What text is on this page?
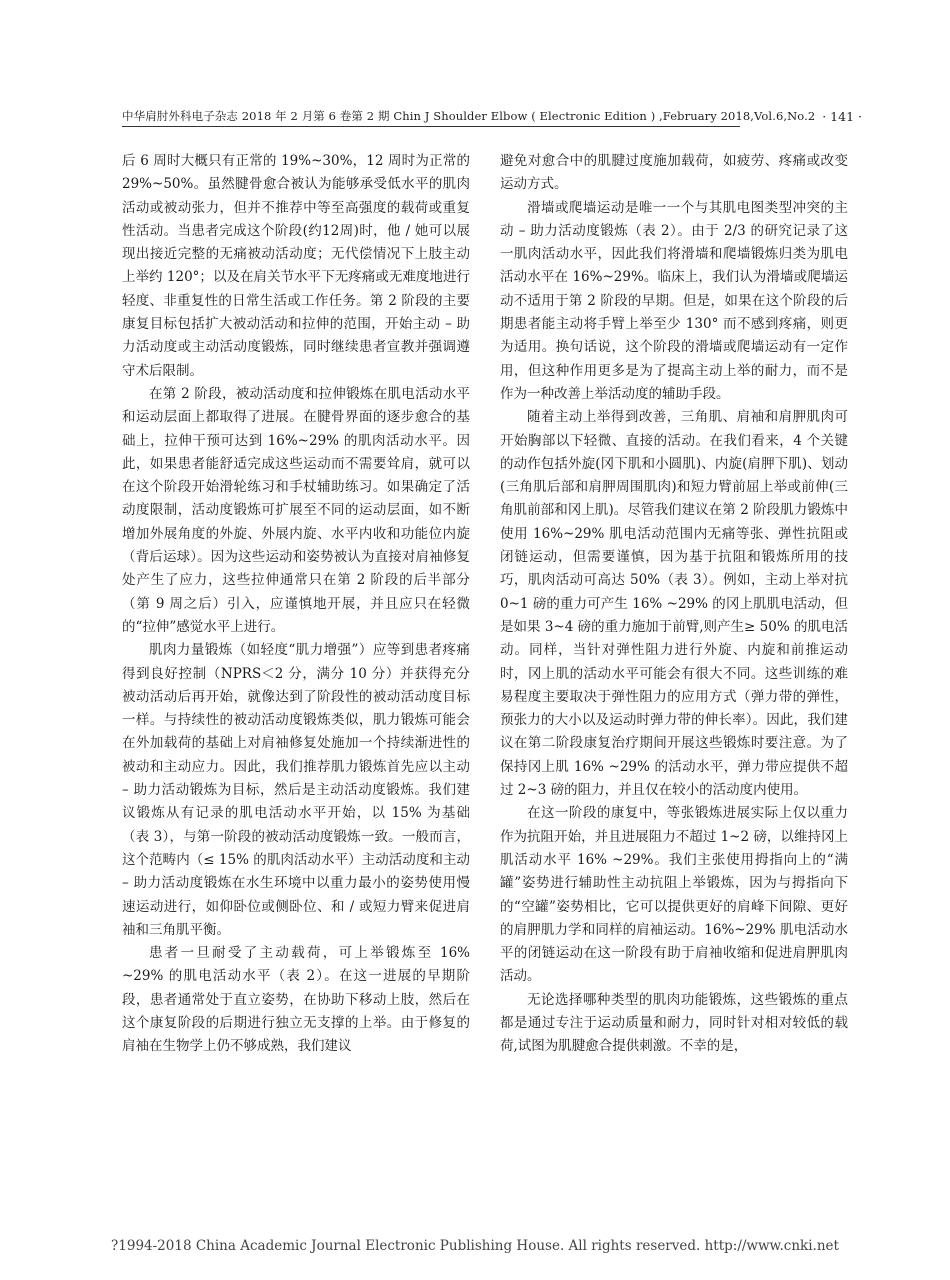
中华肩肘外科电子杂志 2018 年 2 月第 6 卷第 2 期 Chin J Shoulder Elbow ( Electronic Edition ) ,February 2018,Vol.6,No.2 · 141 ·

后 6 周时大概只有正常的 19%~30%，12 周时为正常的 29%~50%。虽然腱骨愈合被认为能够承受低水平的肌肉活动或被动张力，但并不推荐中等至高强度的载荷或重复性活动。当患者完成这个阶段(约12周)时，他 / 她可以展现出接近完整的无痛被动活动度；无代偿情况下上肢主动上举约 120°；以及在肩关节水平下无疼痛或无难度地进行轻度、非重复性的日常生活或工作任务。第 2 阶段的主要康复目标包括扩大被动活动和拉伸的范围，开始主动 – 助力活动度或主动活动度锻炼，同时继续患者宣教并强调遵守术后限制。

在第 2 阶段，被动活动度和拉伸锻炼在肌电活动水平和运动层面上都取得了进展。在腱骨界面的逐步愈合的基础上，拉伸干预可达到 16%~29% 的肌肉活动水平。因此，如果患者能舒适完成这些运动而不需要耸肩，就可以在这个阶段开始滑轮练习和手杖辅助练习。如果确定了活动度限制，活动度锻炼可扩展至不同的运动层面，如不断增加外展角度的外旋、外展内旋、水平内收和功能位内旋（背后运球）。因为这些运动和姿势被认为直接对肩袖修复处产生了应力，这些拉伸通常只在第 2 阶段的后半部分（第 9 周之后）引入，应谨慎地开展，并且应只在轻微的“拉伸”感觉水平上进行。

肌肉力量锻炼（如轻度“肌力增强”）应等到患者疼痛得到良好控制（NPRS＜2 分，满分 10 分）并获得充分被动活动后再开始，就像达到了阶段性的被动活动度目标一样。与持续性的被动活动度锻炼类似，肌力锻炼可能会在外加载荷的基础上对肩袖修复处施加一个持续渐进性的被动和主动应力。因此，我们推荐肌力锻炼首先应以主动 – 助力活动锻炼为目标，然后是主动活动度锻炼。我们建议锻炼从有记录的肌电活动水平开始，以 15% 为基础（表 3），与第一阶段的被动活动度锻炼一致。一般而言，这个范畴内（≤ 15% 的肌肉活动水平）主动活动度和主动 – 助力活动度锻炼在水生环境中以重力最小的姿势使用慢速运动进行，如仰卧位或侧卧位、和 / 或短力臂来促进肩袖和三角肌平衡。

患者一旦耐受了主动载荷，可上举锻炼至 16% ~29% 的肌电活动水平（表 2）。在这一进展的早期阶段，患者通常处于直立姿势，在协助下移动上肢，然后在这个康复阶段的后期进行独立无支撑的上举。由于修复的肩袖在生物学上仍不够成熟，我们建议

避免对愈合中的肌腱过度施加载荷，如疲劳、疼痛或改变运动方式。

滑墙或爬墙运动是唯一一个与其肌电图类型冲突的主动 – 助力活动度锻炼（表 2）。由于 2/3 的研究记录了这一肌肉活动水平，因此我们将滑墙和爬墙锻炼归类为肌电活动水平在 16%~29%。临床上，我们认为滑墙或爬墙运动不适用于第 2 阶段的早期。但是，如果在这个阶段的后期患者能主动将手臂上举至少 130° 而不感到疼痛，则更为适用。换句话说，这个阶段的滑墙或爬墙运动有一定作用，但这种作用更多是为了提高主动上举的耐力，而不是作为一种改善上举活动度的辅助手段。

随着主动上举得到改善，三角肌、肩袖和肩胛肌肉可开始胸部以下轻微、直接的活动。在我们看来，4 个关键的动作包括外旋(冈下肌和小圆肌)、内旋(肩胛下肌)、划动(三角肌后部和肩胛周围肌肉)和短力臂前屈上举或前伸(三角肌前部和冈上肌)。尽管我们建议在第 2 阶段肌力锻炼中使用 16%~29% 肌电活动范围内无痛等张、弹性抗阻或闭链运动，但需要谨慎，因为基于抗阻和锻炼所用的技巧，肌肉活动可高达 50%（表 3）。例如，主动上举对抗 0~1 磅的重力可产生 16% ~29% 的冈上肌肌电活动，但是如果 3~4 磅的重力施加于前臂,则产生≥ 50% 的肌电活动。同样，当针对弹性阻力进行外旋、内旋和前推运动时，冈上肌的活动水平可能会有很大不同。这些训练的难易程度主要取决于弹性阻力的应用方式（弹力带的弹性，预张力的大小以及运动时弹力带的伸长率）。因此，我们建议在第二阶段康复治疗期间开展这些锻炼时要注意。为了保持冈上肌 16% ~29% 的活动水平，弹力带应提供不超过 2~3 磅的阻力，并且仅在较小的活动度内使用。

在这一阶段的康复中，等张锻炼进展实际上仅以重力作为抗阻开始，并且进展阻力不超过 1~2 磅，以维持冈上肌活动水平 16% ~29%。我们主张使用拇指向上的“满罐”姿势进行辅助性主动抗阻上举锻炼，因为与拇指向下的“空罐”姿势相比，它可以提供更好的肩峰下间隙、更好的肩胛肌力学和同样的肩袖运动。16%~29% 肌电活动水平的闭链运动在这一阶段有助于肩袖收缩和促进肩胛肌肉活动。

无论选择哪种类型的肌肉功能锻炼，这些锻炼的重点都是通过专注于运动质量和耐力，同时针对相对较低的载荷,试图为肌腱愈合提供刺激。不幸的是，

?1994-2018 China Academic Journal Electronic Publishing House. All rights reserved. http://www.cnki.net
